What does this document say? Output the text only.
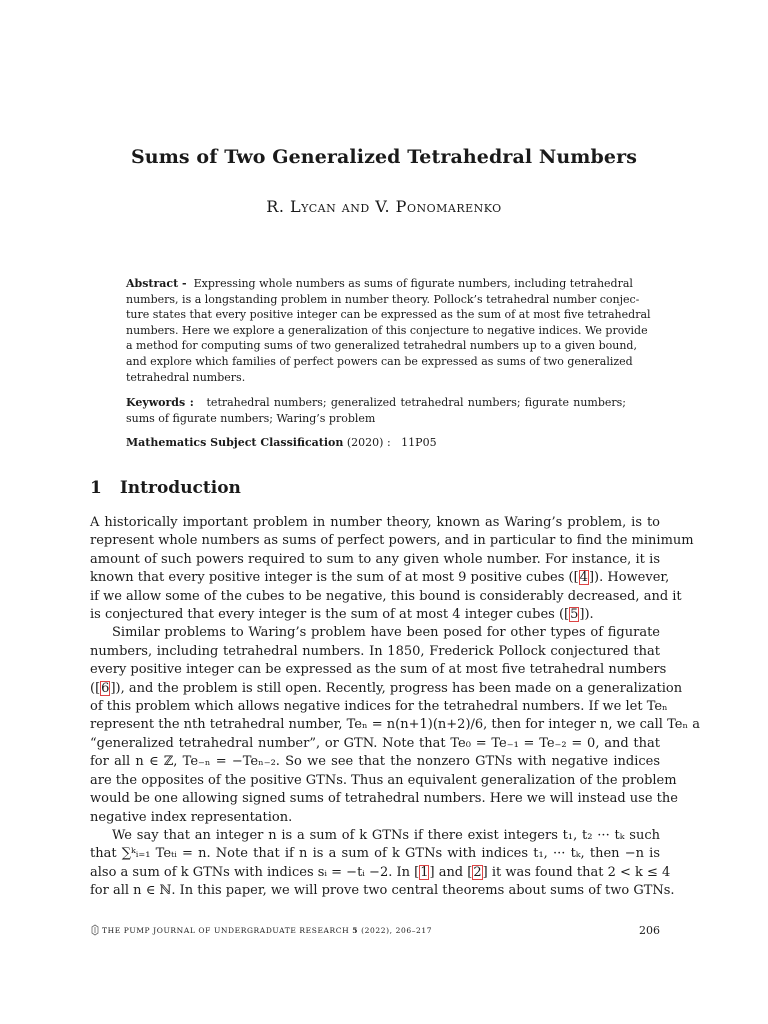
Sums of Two Generalized Tetrahedral Numbers
R. Lycan and V. Ponomarenko
Abstract - Expressing whole numbers as sums of figurate numbers, including tetrahedral
numbers, is a longstanding problem in number theory. Pollock’s tetrahedral number conjec-
ture states that every positive integer can be expressed as the sum of at most five tetrahedral
numbers. Here we explore a generalization of this conjecture to negative indices. We provide
a method for computing sums of two generalized tetrahedral numbers up to a given bound,
and explore which families of perfect powers can be expressed as sums of two generalized
tetrahedral numbers.
Keywords : tetrahedral numbers; generalized tetrahedral numbers; figurate numbers;
sums of figurate numbers; Waring’s problem
Mathematics Subject Classification (2020) : 11P05
1 Introduction
A historically important problem in number theory, known as Waring’s problem, is to
represent whole numbers as sums of perfect powers, and in particular to find the minimum
amount of such powers required to sum to any given whole number. For instance, it is
known that every positive integer is the sum of at most 9 positive cubes ([4]). However,
if we allow some of the cubes to be negative, this bound is considerably decreased, and it
is conjectured that every integer is the sum of at most 4 integer cubes ([5]).
Similar problems to Waring’s problem have been posed for other types of figurate
numbers, including tetrahedral numbers. In 1850, Frederick Pollock conjectured that
every positive integer can be expressed as the sum of at most five tetrahedral numbers
([6]), and the problem is still open. Recently, progress has been made on a generalization
of this problem which allows negative indices for the tetrahedral numbers. If we let Teₙ
represent the nth tetrahedral number, Teₙ = n(n+1)(n+2)/6, then for integer n, we call Teₙ a
“generalized tetrahedral number”, or GTN. Note that Te₀ = Te₋₁ = Te₋₂ = 0, and that
for all n ∈ ℤ, Te₋ₙ = −Teₙ₋₂. So we see that the nonzero GTNs with negative indices
are the opposites of the positive GTNs. Thus an equivalent generalization of the problem
would be one allowing signed sums of tetrahedral numbers. Here we will instead use the
negative index representation.
We say that an integer n is a sum of k GTNs if there exist integers t₁, t₂ ··· tₖ such
that ∑ᵏᵢ₌₁ Teₜᵢ = n. Note that if n is a sum of k GTNs with indices t₁, ··· tₖ, then −n is
also a sum of k GTNs with indices sᵢ = −tᵢ −2. In [1] and [2] it was found that 2 < k ≤ 4
for all n ∈ ℕ. In this paper, we will prove two central theorems about sums of two GTNs.
THE PUMP JOURNAL OF UNDERGRADUATE RESEARCH 5 (2022), 206–217	206
